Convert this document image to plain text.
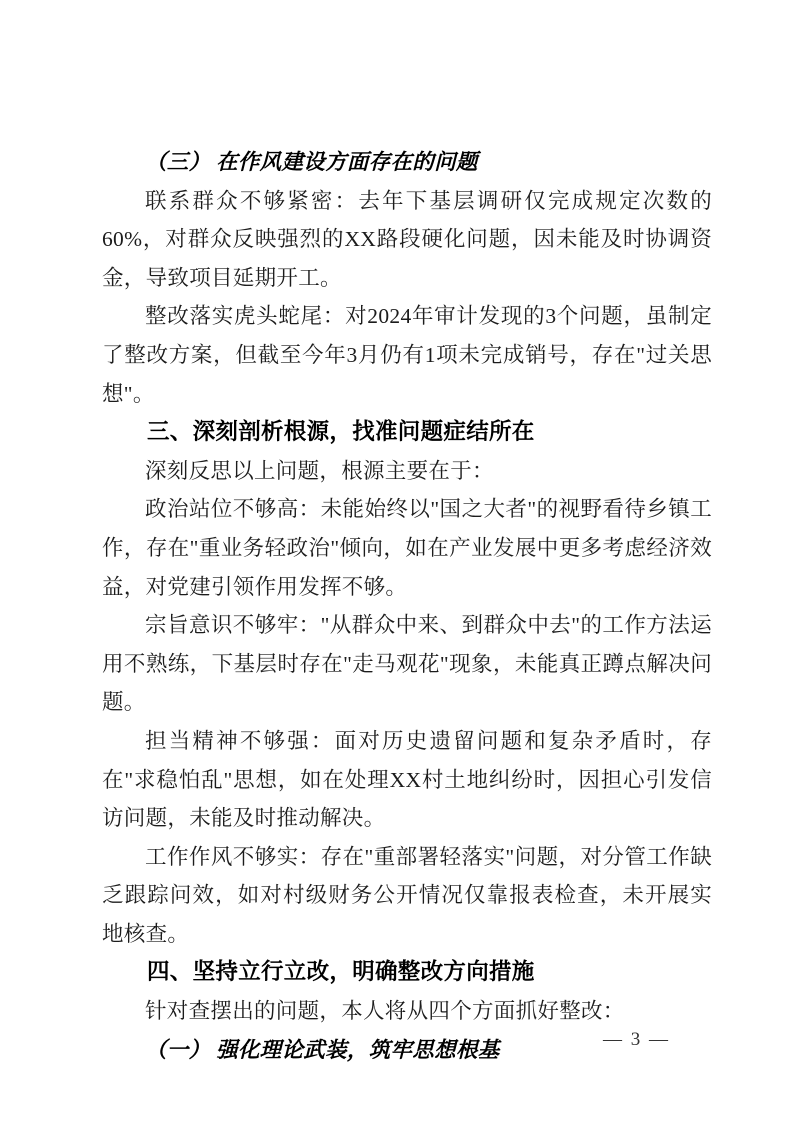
（三） 在作风建设方面存在的问题

联系群众不够紧密：去年下基层调研仅完成规定次数的60%，对群众反映强烈的XX路段硬化问题，因未能及时协调资金，导致项目延期开工。

整改落实虎头蛇尾：对2024年审计发现的3个问题，虽制定了整改方案，但截至今年3月仍有1项未完成销号，存在"过关思想"。

三、深刻剖析根源，找准问题症结所在

深刻反思以上问题，根源主要在于：

政治站位不够高：未能始终以"国之大者"的视野看待乡镇工作，存在"重业务轻政治"倾向，如在产业发展中更多考虑经济效益，对党建引领作用发挥不够。

宗旨意识不够牢："从群众中来、到群众中去"的工作方法运用不熟练，下基层时存在"走马观花"现象，未能真正蹲点解决问题。

担当精神不够强：面对历史遗留问题和复杂矛盾时，存在"求稳怕乱"思想，如在处理XX村土地纠纷时，因担心引发信访问题，未能及时推动解决。

工作作风不够实：存在"重部署轻落实"问题，对分管工作缺乏跟踪问效，如对村级财务公开情况仅靠报表检查，未开展实地核查。

四、坚持立行立改，明确整改方向措施

针对查摆出的问题，本人将从四个方面抓好整改：

（一） 强化理论武装，筑牢思想根基	— 3 —
